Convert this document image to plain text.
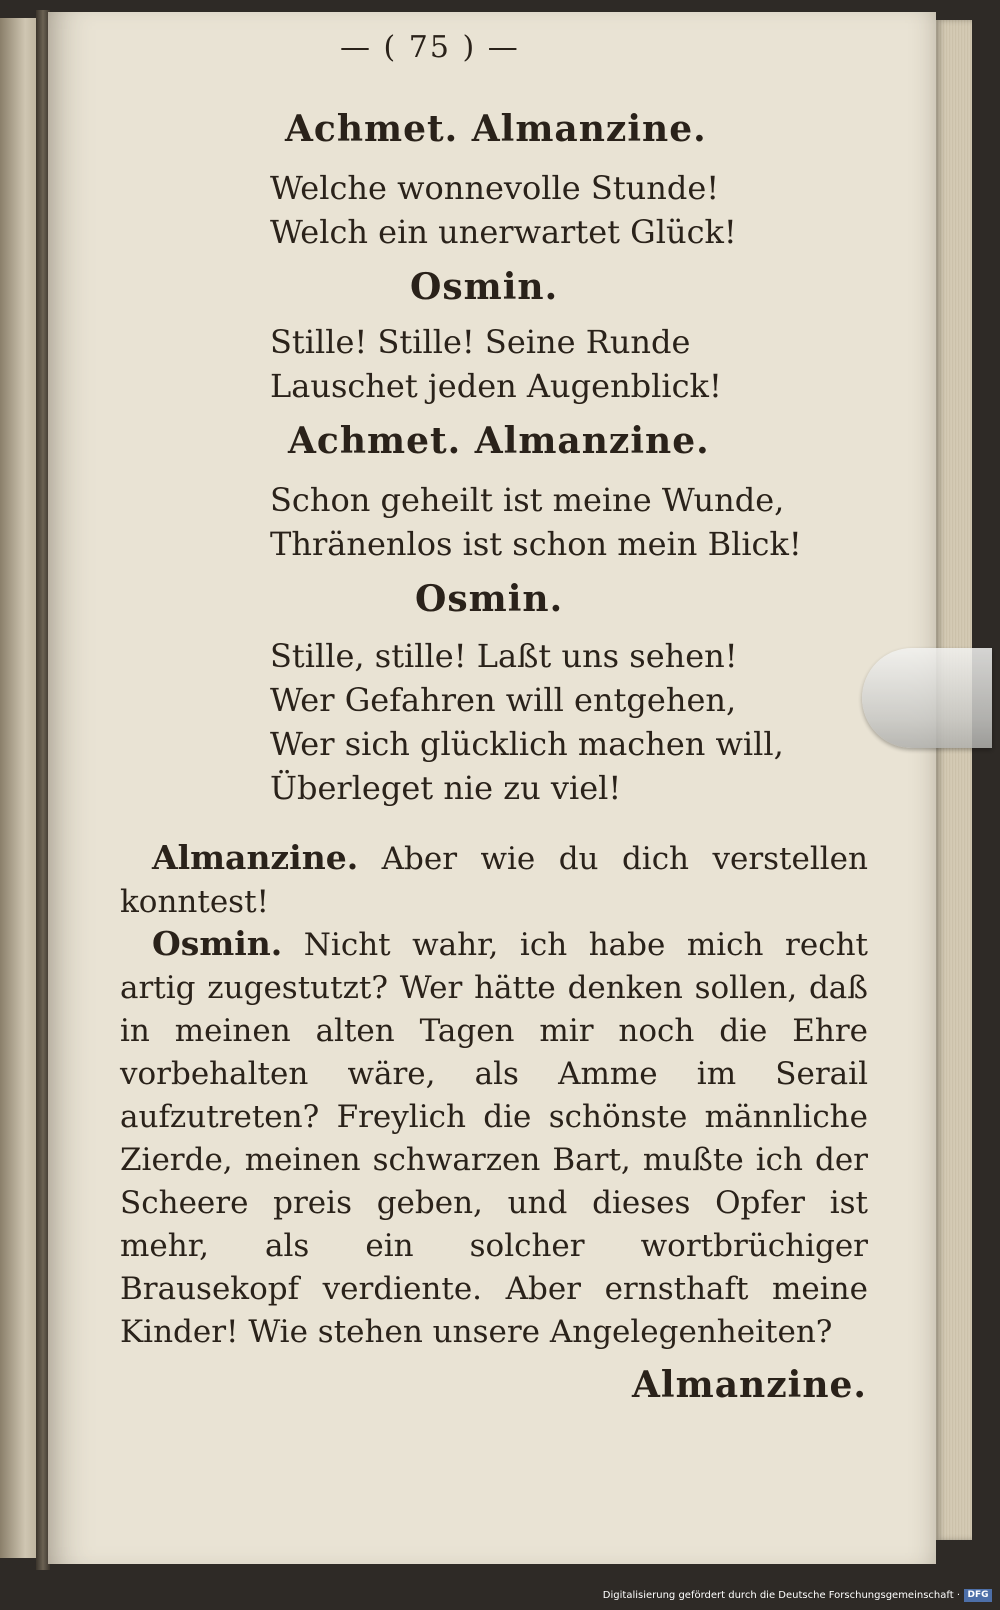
— ( 75 ) —
Achmet. Almanzine.
Welche wonnevolle Stunde!
Welch ein unerwartet Glück!
Osmin.
Stille! Stille! Seine Runde
Lauschet jeden Augenblick!
Achmet. Almanzine.
Schon geheilt ist meine Wunde,
Thränenlos ist schon mein Blick!
Osmin.
Stille, stille! Laßt uns sehen!
Wer Gefahren will entgehen,
Wer sich glücklich machen will,
Überleget nie zu viel!
Almanzine. Aber wie du dich verstellen konntest!
Osmin. Nicht wahr, ich habe mich recht artig zugestutzt? Wer hätte denken sollen, daß in meinen alten Tagen mir noch die Ehre vorbehalten wäre, als Amme im Serail aufzutreten? Freylich die schönste männliche Zierde, meinen schwarzen Bart, mußte ich der Scheere preis geben, und dieses Opfer ist mehr, als ein solcher wortbrüchiger Brausekopf verdiente. Aber ernsthaft meine Kinder! Wie stehen unsere Angelegenheiten?
Almanzine.
Digitalisierung gefördert durch die Deutsche Forschungsgemeinschaft · DFG
